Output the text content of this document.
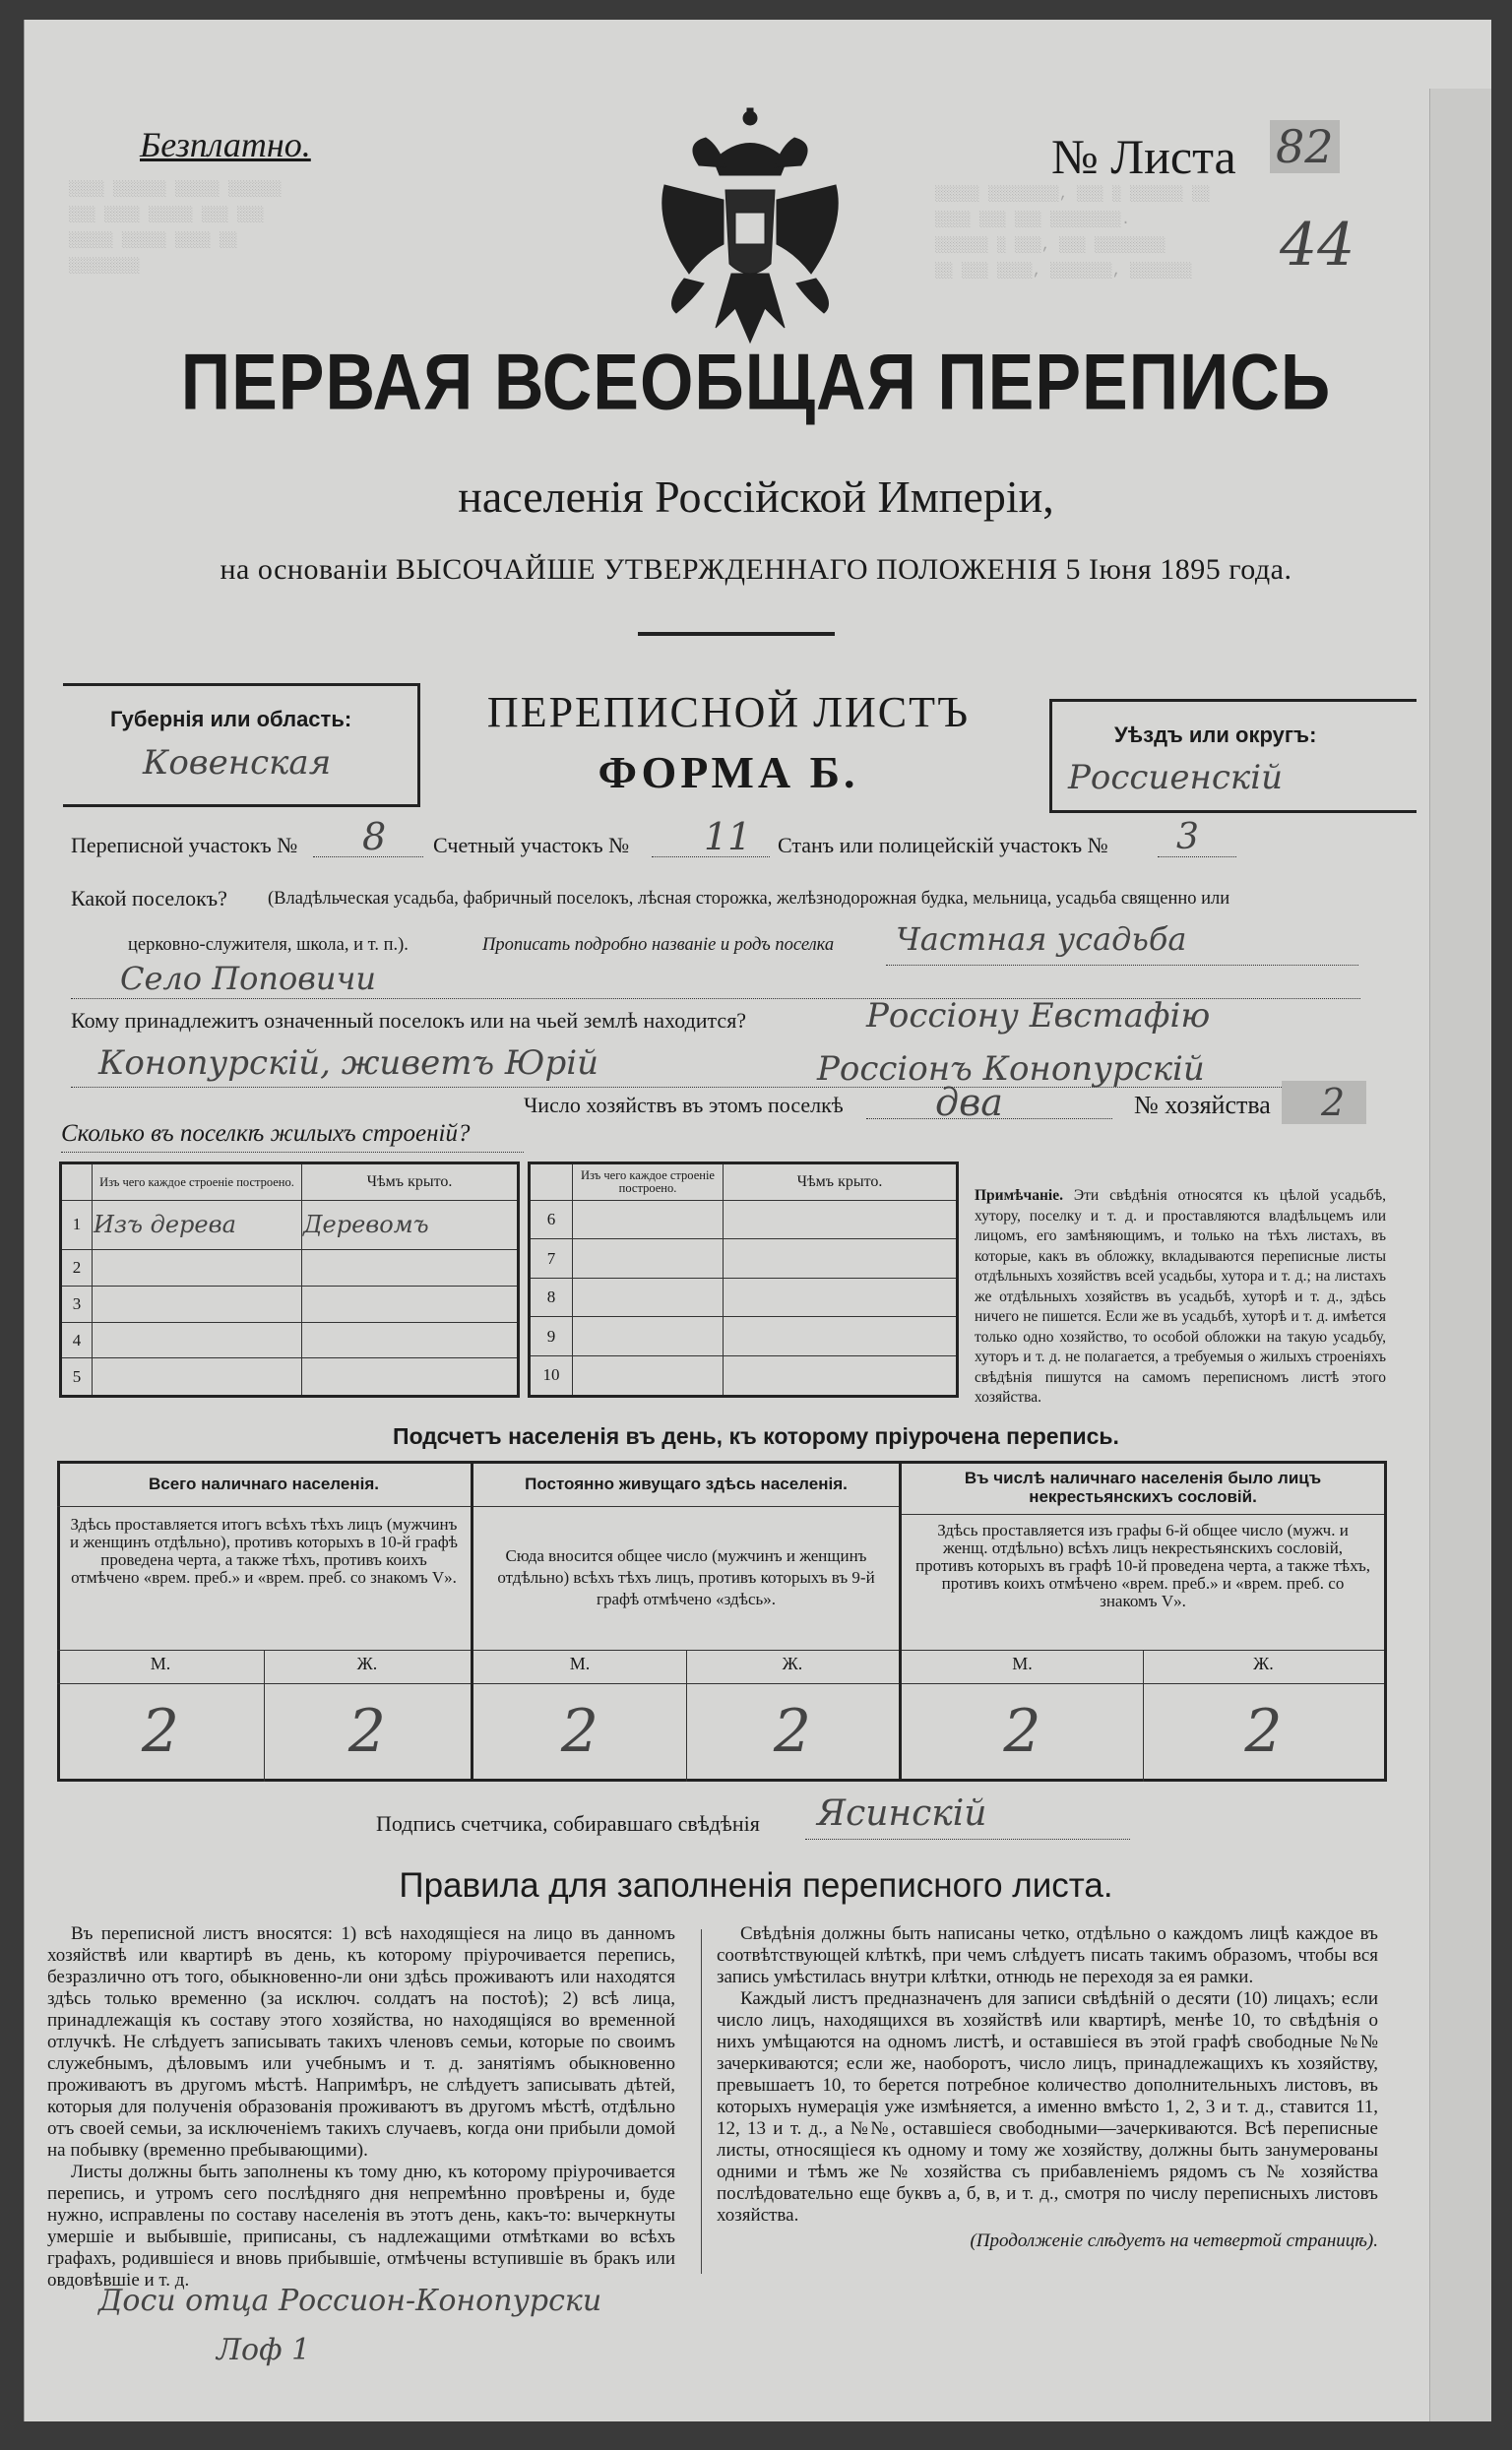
░░░░ ░░░░░░ ░░░░░ ░░░░░░
░░░ ░░░░ ░░░░░ ░░░ ░░░
░░░░░ ░░░░░ ░░░░ ░░
░░░░░░░░
░░░░░ ░░░░░░░░, ░░░ ░ ░░░░░░ ░░
░░░░ ░░░ ░░░ ░░░░░░░░.
░░░░░░ ░ ░░░, ░░░ ░░░░░░░░
░░ ░░░ ░░░░, ░░░░░░░, ░░░░░░░
Безплатно.	№ Листа 82
44
ПЕРВАЯ ВСЕОБЩАЯ ПЕРЕПИСЬ
населенія Россійской Имперіи,
на основаніи ВЫСОЧАЙШЕ УТВЕРЖДЕННАГО ПОЛОЖЕНІЯ 5 Іюня 1895 года.
Губернія или область:
Ковенская
ПЕРЕПИСНОЙ ЛИСТЪ
ФОРМА Б.
Уѣздъ или округъ:
Россиенскій
Переписной участокъ № 8 Счетный участокъ № 11 Станъ или полицейскій участокъ № 3
Какой поселокъ? (Владѣльческая усадьба, фабричный поселокъ, лѣсная сторожка, желѣзнодорожная будка, мельница, усадьба священно или
церковно-служителя, школа, и т. п.).	Прописать подробно названіе и родъ поселка Частная усадьба
Село Поповичи
Кому принадлежитъ означенный поселокъ или на чьей землѣ находится?	Россіону Евстафію
Конопурскій, живетъ Юрій	Россіонъ Конопурскій
Число хозяйствъ въ этомъ поселкѣ два	№ хозяйства	2
Сколько въ поселкѣ жилыхъ строеній?
	Изъ чего каждое строеніе построено.	Чѣмъ крыто.
1	Изъ дерева	Деревомъ
2		
3		
4		
5		
	Изъ чего каждое строеніе построено.	Чѣмъ крыто.
6		
7		
8		
9		
10		
Примѣчаніе. Эти свѣдѣнія относятся къ цѣлой усадьбѣ, хутору, поселку и т. д. и проставляются владѣльцемъ или лицомъ, его замѣняющимъ, и только на тѣхъ листахъ, въ которые, какъ въ обложку, вкладываются переписные листы отдѣльныхъ хозяйствъ всей усадьбы, хутора и т. д.; на листахъ же отдѣльныхъ хозяйствъ въ усадьбѣ, хуторѣ и т. д., здѣсь ничего не пишется. Если же въ усадьбѣ, хуторѣ и т. д. имѣется только одно хозяйство, то особой обложки на такую усадьбу, хуторъ и т. д. не полагается, а требуемыя о жилыхъ строеніяхъ свѣдѣнія пишутся на самомъ переписномъ листѣ этого хозяйства.
Подсчетъ населенія въ день, къ которому пріурочена перепись.
Всего наличнаго населенія.
Здѣсь проставляется итогъ всѣхъ тѣхъ лицъ (мужчинъ и женщинъ отдѣльно), противъ которыхъ в 10-й графѣ проведена черта, а также тѣхъ, противъ коихъ отмѣчено «врем. преб.» и «врем. преб. со знакомъ V».
М.	Ж.
2	2
Постоянно живущаго здѣсь населенія.
Сюда вносится общее число (мужчинъ и женщинъ отдѣльно) всѣхъ тѣхъ лицъ, противъ которыхъ въ 9-й графѣ отмѣчено «здѣсь».
М.	Ж.
2	2
Въ числѣ наличнаго населенія было лицъ некрестьянскихъ сословій.
Здѣсь проставляется изъ графы 6-й общее число (мужч. и женщ. отдѣльно) всѣхъ лицъ некрестьянскихъ сословій, противъ которыхъ въ графѣ 10-й проведена черта, а также тѣхъ, противъ коихъ отмѣчено «врем. преб.» и «врем. преб. со знакомъ V».
М.	Ж.
2	2
Подпись счетчика, собиравшаго свѣдѣнія Ясинскій
Правила для заполненія переписного листа.
Въ переписной листъ вносятся: 1) всѣ находящіеся на лицо въ данномъ хозяйствѣ или квартирѣ въ день, къ которому пріурочивается перепись, безразлично отъ того, обыкновенно-ли они здѣсь проживаютъ или находятся здѣсь только временно (за исключ. солдатъ на постоѣ); 2) всѣ лица, принадлежащія къ составу этого хозяйства, но находящіяся во временной отлучкѣ. Не слѣдуетъ записывать такихъ членовъ семьи, которые по своимъ служебнымъ, дѣловымъ или учебнымъ и т. д. занятіямъ обыкновенно проживаютъ въ другомъ мѣстѣ. Напримѣръ, не слѣдуетъ записывать дѣтей, которыя для полученія образованія проживаютъ въ другомъ мѣстѣ, отдѣльно отъ своей семьи, за исключеніемъ такихъ случаевъ, когда они прибыли домой на побывку (временно пребывающими).
Листы должны быть заполнены къ тому дню, къ которому пріурочивается перепись, и утромъ сего послѣдняго дня непремѣнно провѣрены и, буде нужно, исправлены по составу населенія въ этотъ день, какъ-то: вычеркнуты умершіе и выбывшіе, приписаны, съ надлежащими отмѣтками во всѣхъ графахъ, родившіеся и вновь прибывшіе, отмѣчены вступившіе въ бракъ или овдовѣвшіе и т. д.
Свѣдѣнія должны быть написаны четко, отдѣльно о каждомъ лицѣ каждое въ соотвѣтствующей клѣткѣ, при чемъ слѣдуетъ писать такимъ образомъ, чтобы вся запись умѣстилась внутри клѣтки, отнюдь не переходя за ея рамки.
Каждый листъ предназначенъ для записи свѣдѣній о десяти (10) лицахъ; если число лицъ, находящихся въ хозяйствѣ или квартирѣ, менѣе 10, то свѣдѣнія о нихъ умѣщаются на одномъ листѣ, и оставшіеся въ этой графѣ свободные №№ зачеркиваются; если же, наоборотъ, число лицъ, принадлежащихъ къ хозяйству, превышаетъ 10, то берется потребное количество дополнительныхъ листовъ, въ которыхъ нумерація уже измѣняется, а именно вмѣсто 1, 2, 3 и т. д., ставится 11, 12, 13 и т. д., а №№, оставшіеся свободными—зачеркиваются. Всѣ переписные листы, относящіеся къ одному и тому же хозяйству, должны быть занумерованы одними и тѣмъ же № хозяйства съ прибавленіемъ рядомъ съ № хозяйства послѣдовательно еще буквъ а, б, в, и т. д., смотря по числу переписныхъ листовъ хозяйства.
(Продолженіе слѣдуетъ на четвертой страницѣ).
Доси отца Россион-Конопурски
Лоф 1
